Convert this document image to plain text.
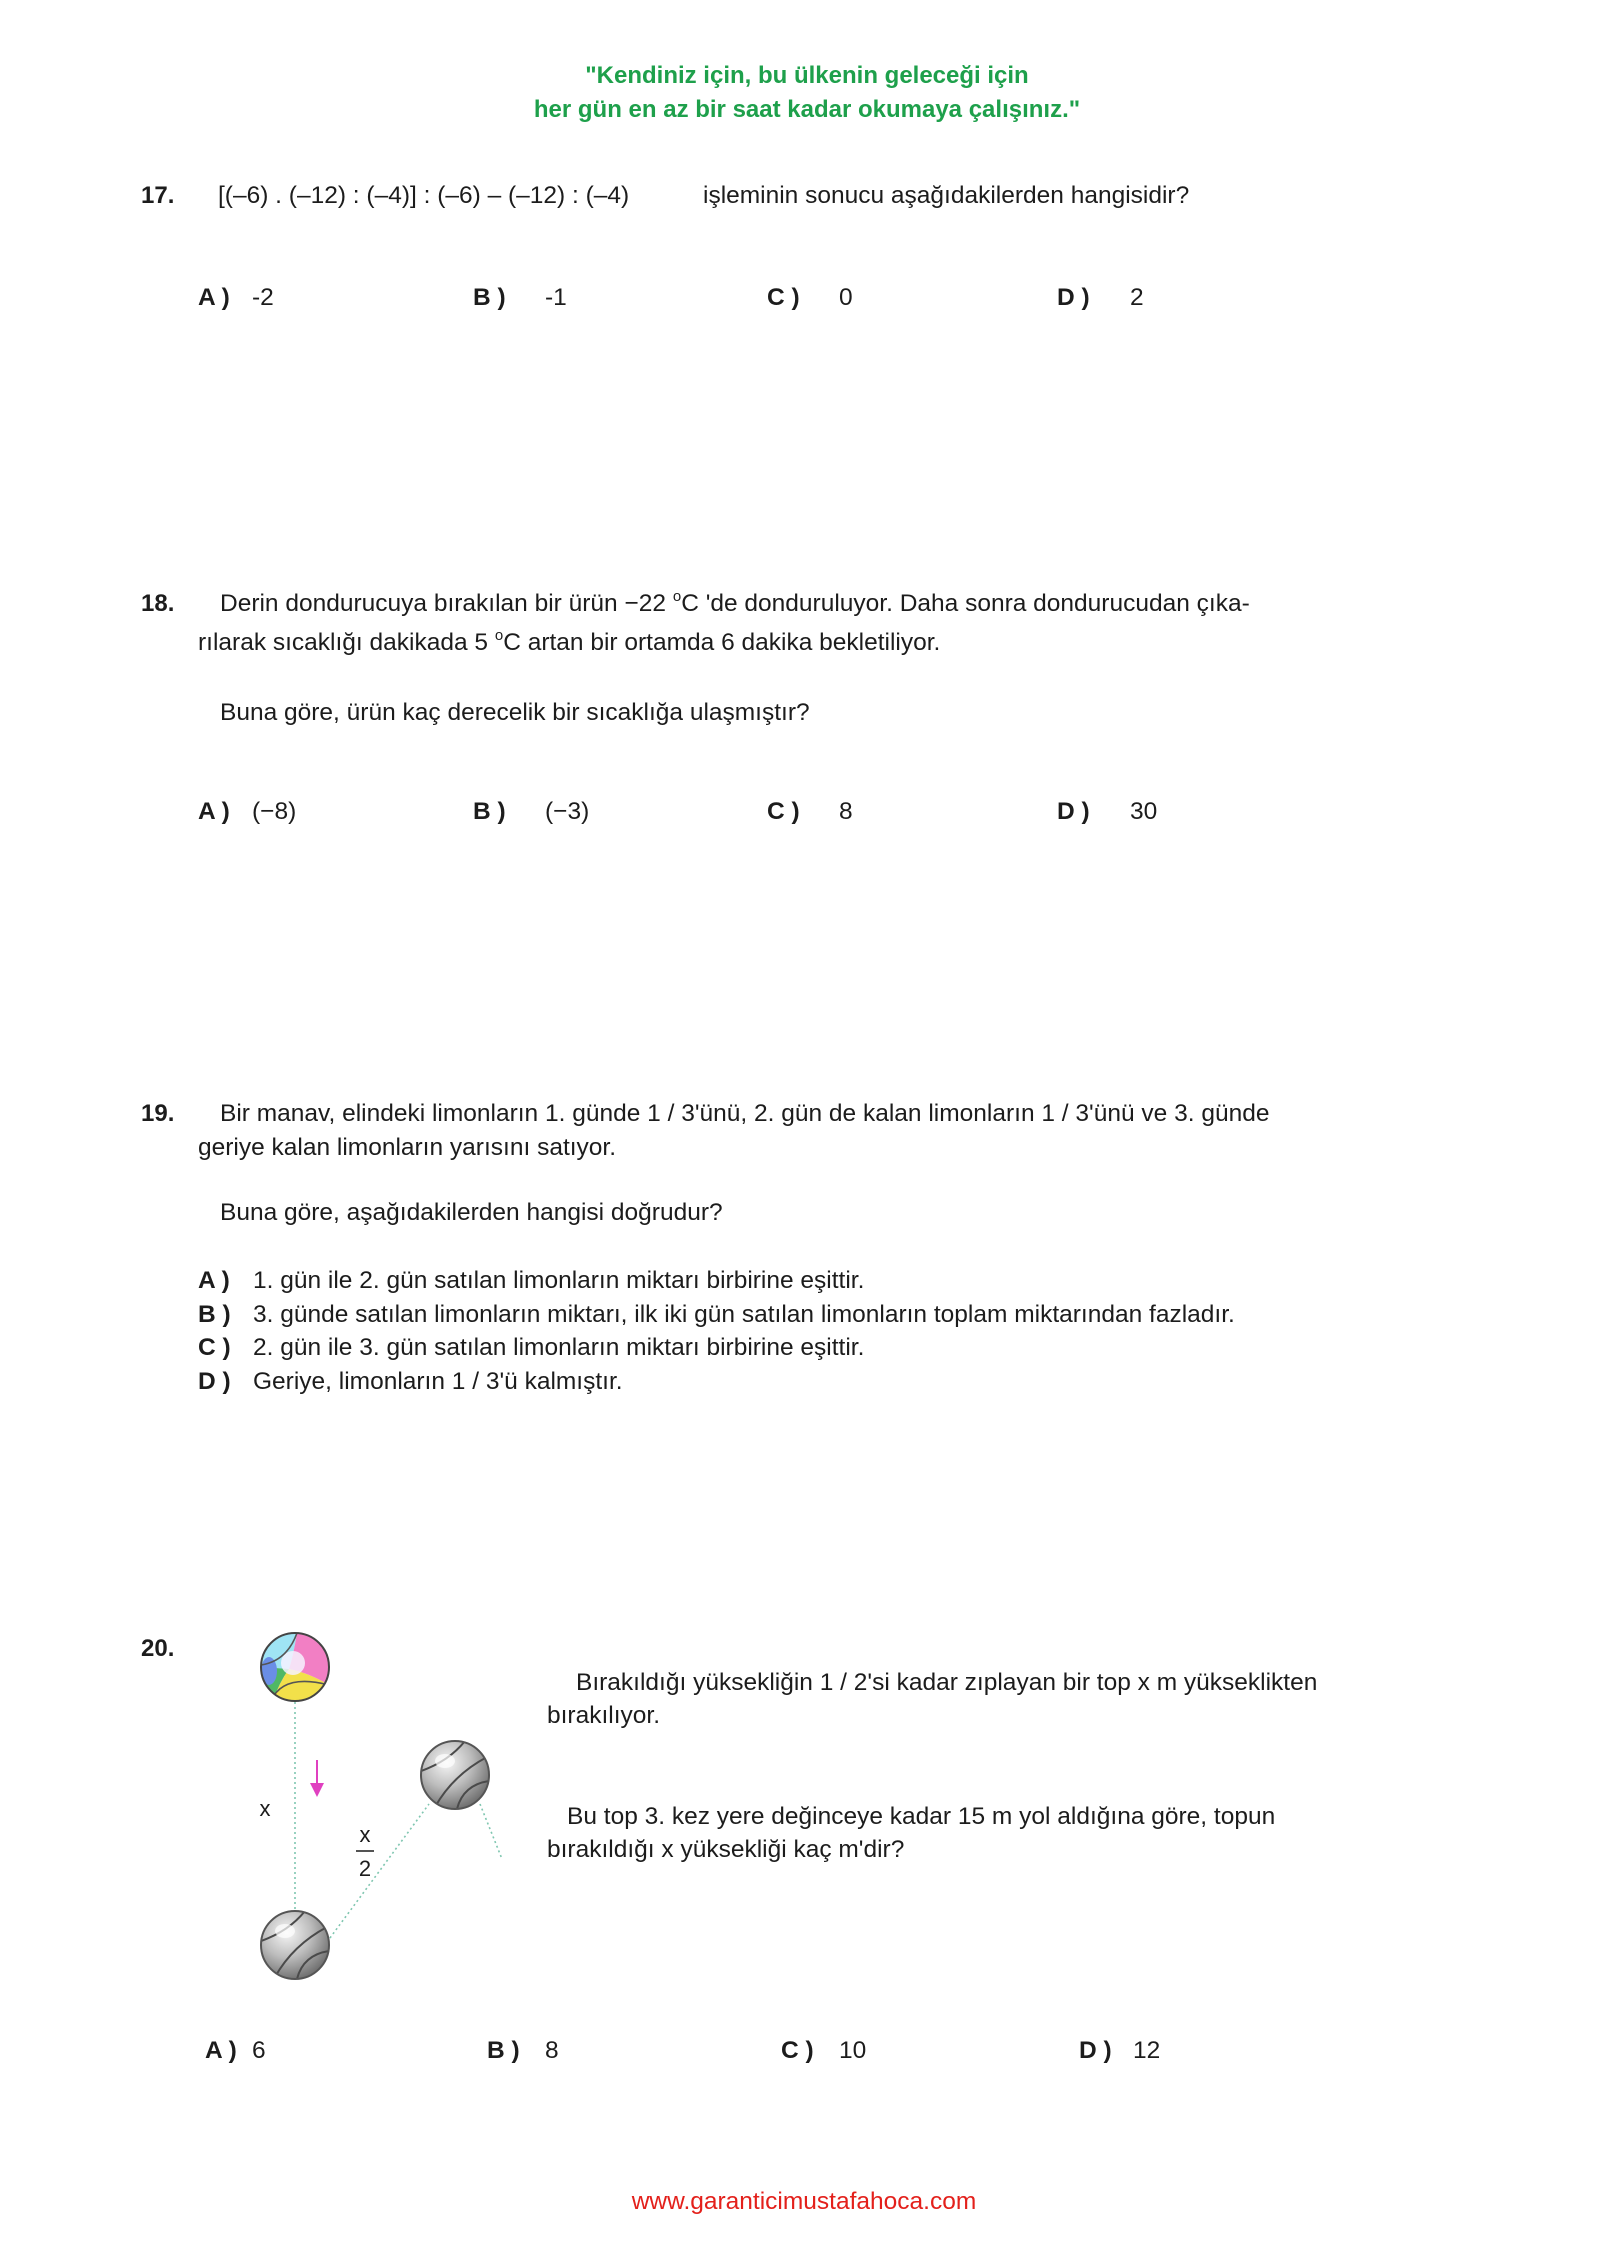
"Kendiniz için, bu ülkenin geleceği için
her gün en az bir saat kadar okumaya çalışınız."
17. [(–6) . (–12) : (–4)] : (–6) – (–12) : (–4)	işleminin sonucu aşağıdakilerden hangisidir?
A ) -2	B ) -1	C ) 0	D ) 2
18. Derin dondurucuya bırakılan bir ürün −22 $^o$C 'de donduruluyor. Daha sonra dondurucudan çıka-
rılarak sıcaklığı dakikada 5 $^o$C artan bir ortamda 6 dakika bekletiliyor.
Buna göre, ürün kaç derecelik bir sıcaklığa ulaşmıştır?
A ) (−8)	B ) (−3)	C ) 8	D ) 30
19. Bir manav, elindeki limonların 1. günde 1 / 3'ünü, 2. gün de kalan limonların 1 / 3'ünü ve 3. günde
geriye kalan limonların yarısını satıyor.
Buna göre, aşağıdakilerden hangisi doğrudur?
A ) 1. gün ile 2. gün satılan limonların miktarı birbirine eşittir.
B ) 3. günde satılan limonların miktarı, ilk iki gün satılan limonların toplam miktarından fazladır.
C ) 2. gün ile 3. gün satılan limonların miktarı birbirine eşittir.
D ) Geriye, limonların 1 / 3'ü kalmıştır.
20.
x
x
2
Bırakıldığı yüksekliğin 1 / 2'si kadar zıplayan bir top x m yükseklikten
bırakılıyor.
Bu top 3. kez yere değinceye kadar 15 m yol aldığına göre, topun
bırakıldığı x yüksekliği kaç m'dir?
A ) 6	B ) 8	C ) 10	D ) 12
www.garanticimustafahoca.com
